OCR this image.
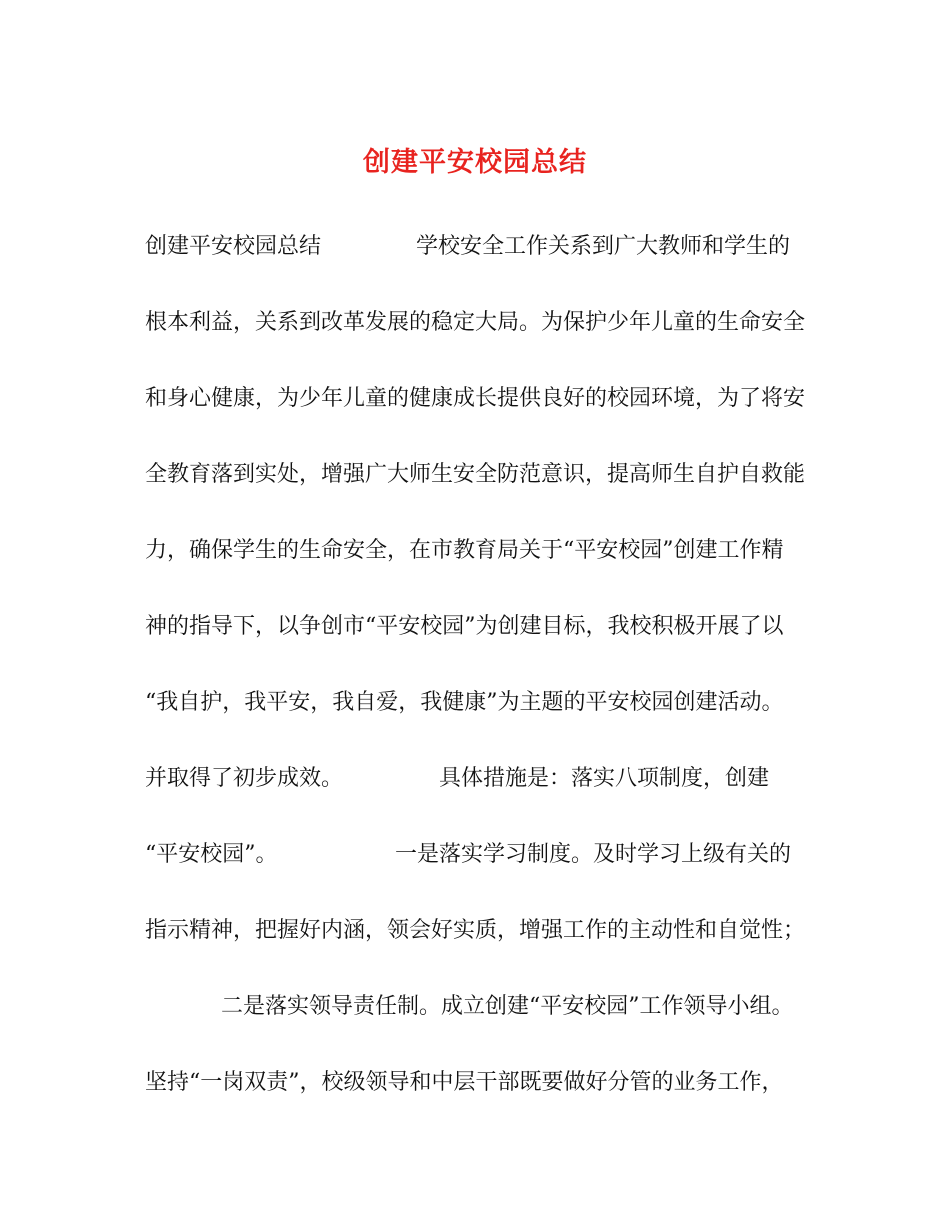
创建平安校园总结
创建平安校园总结	学校安全工作关系到广大教师和学生的
根本利益，关系到改革发展的稳定大局。为保护少年儿童的生命安全
和身心健康，为少年儿童的健康成长提供良好的校园环境，为了将安
全教育落到实处，增强广大师生安全防范意识，提高师生自护自救能
力，确保学生的生命安全，在市教育局关于“平安校园”创建工作精
神的指导下，以争创市“平安校园”为创建目标，我校积极开展了以
“我自护，我平安，我自爱，我健康”为主题的平安校园创建活动。
并取得了初步成效。	具体措施是：落实八项制度，创建
“平安校园”。	一是落实学习制度。及时学习上级有关的
指示精神，把握好内涵，领会好实质，增强工作的主动性和自觉性；
二是落实领导责任制。成立创建“平安校园”工作领导小组。
坚持“一岗双责”，校级领导和中层干部既要做好分管的业务工作，
